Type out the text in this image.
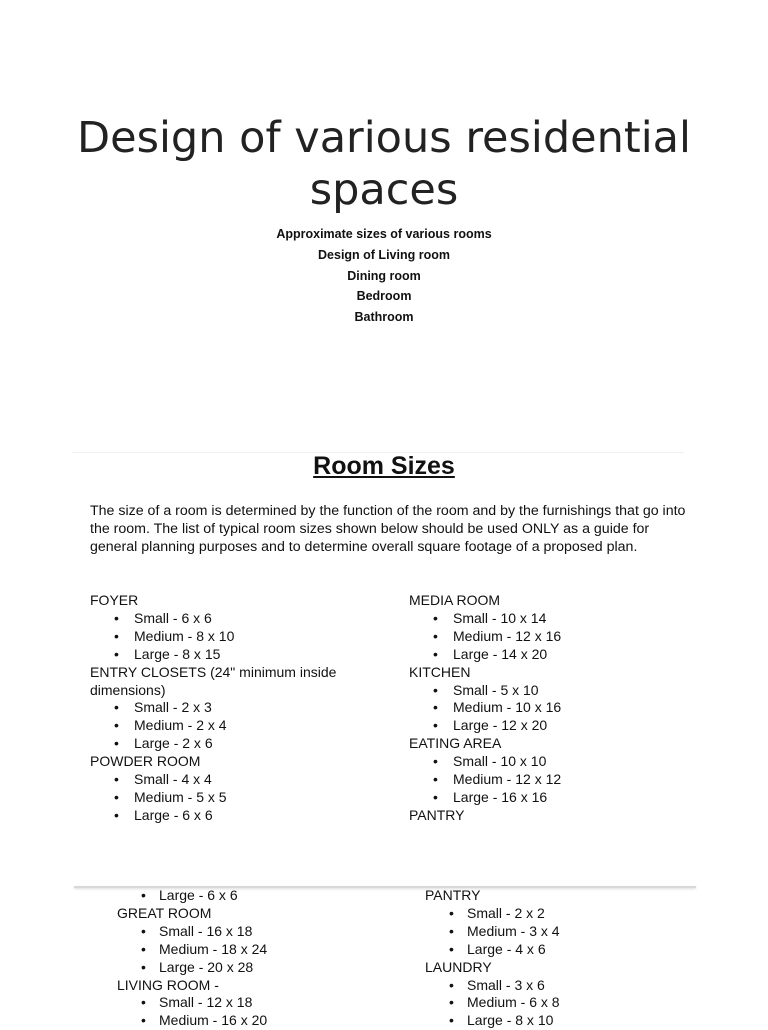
Design of various residential spaces
Approximate sizes of various rooms
Design of Living room
Dining room
Bedroom
Bathroom
Room Sizes
The size of a room is determined by the function of the room and by the furnishings that go into the room. The list of typical room sizes shown below should be used ONLY as a guide for general planning purposes and to determine overall square footage of a proposed plan.
FOYER
• Small - 6 x 6
• Medium - 8 x 10
• Large - 8 x 15
ENTRY CLOSETS (24" minimum inside dimensions)
• Small - 2 x 3
• Medium - 2 x 4
• Large - 2 x 6
POWDER ROOM
• Small - 4 x 4
• Medium - 5 x 5
• Large - 6 x 6
MEDIA ROOM
• Small - 10 x 14
• Medium - 12 x 16
• Large - 14 x 20
KITCHEN
• Small - 5 x 10
• Medium - 10 x 16
• Large - 12 x 20
EATING AREA
• Small - 10 x 10
• Medium - 12 x 12
• Large - 16 x 16
PANTRY
• Large - 6 x 6
GREAT ROOM
• Small - 16 x 18
• Medium - 18 x 24
• Large - 20 x 28
LIVING ROOM -
• Small - 12 x 18
• Medium - 16 x 20
PANTRY
• Small - 2 x 2
• Medium - 3 x 4
• Large - 4 x 6
LAUNDRY
• Small - 3 x 6
• Medium - 6 x 8
• Large - 8 x 10
